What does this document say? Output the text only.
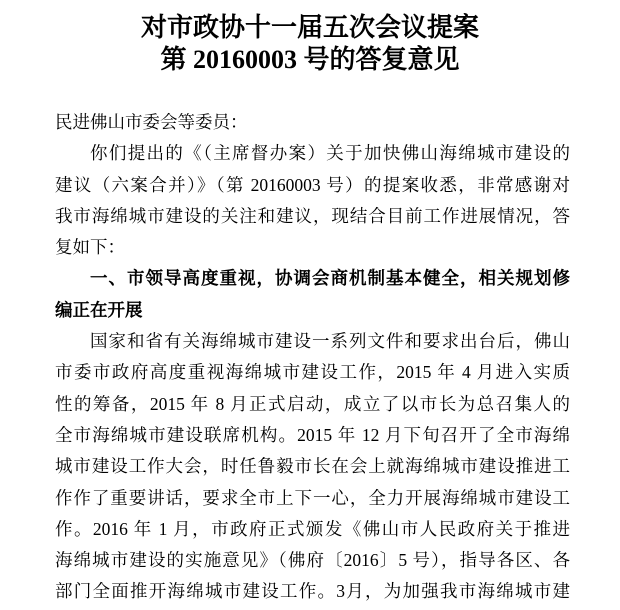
对市政协十一届五次会议提案
第 20160003 号的答复意见
民进佛山市委会等委员：
你们提出的《（主席督办案）关于加快佛山海绵城市建设的
建议（六案合并）》（第 20160003 号）的提案收悉，非常感谢对
我市海绵城市建设的关注和建议，现结合目前工作进展情况，答
复如下：
一、市领导高度重视，协调会商机制基本健全，相关规划修
编正在开展
国家和省有关海绵城市建设一系列文件和要求出台后，佛山
市委市政府高度重视海绵城市建设工作，2015 年 4 月进入实质
性的筹备，2015 年 8 月正式启动，成立了以市长为总召集人的
全市海绵城市建设联席机构。2015 年 12 月下旬召开了全市海绵
城市建设工作大会，时任鲁毅市长在会上就海绵城市建设推进工
作作了重要讲话，要求全市上下一心，全力开展海绵城市建设工
作。2016 年 1 月，市政府正式颁发《佛山市人民政府关于推进
海绵城市建设的实施意见》（佛府〔2016〕5 号），指导各区、各
部门全面推开海绵城市建设工作。3月，为加强我市海绵城市建
